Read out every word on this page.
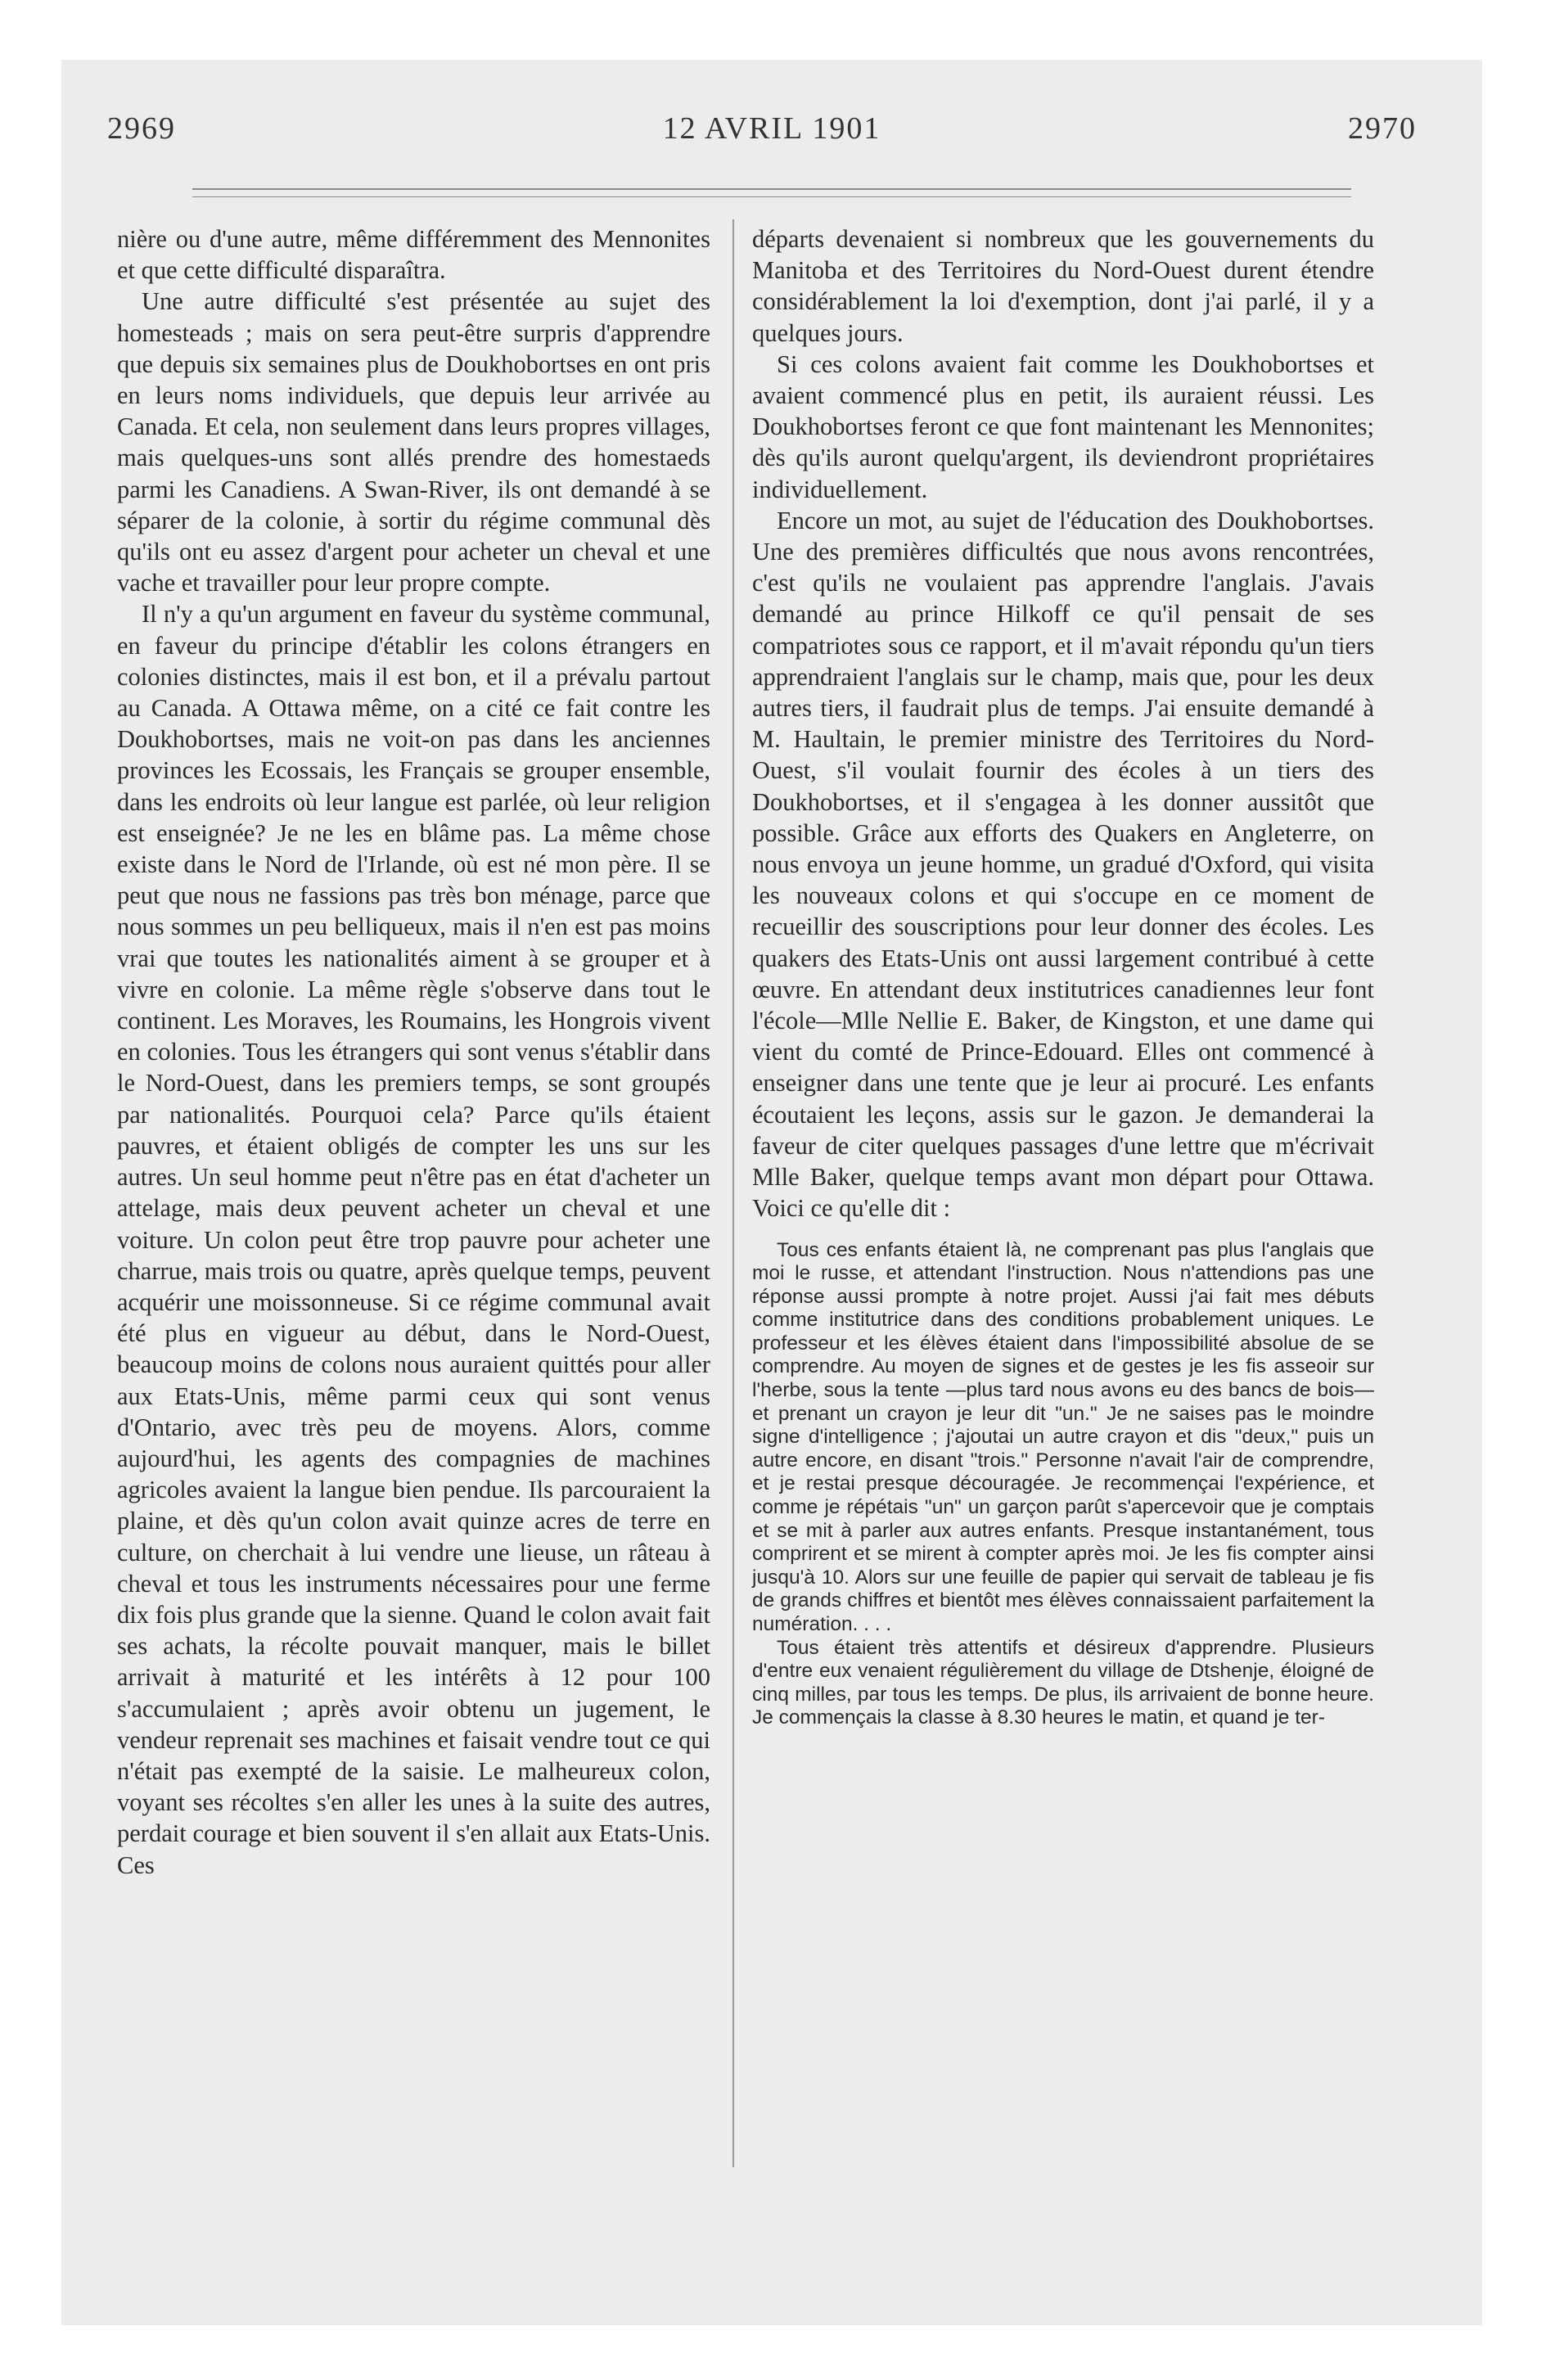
2969	12 AVRIL 1901	2970

nière ou d'une autre, même différemment des Mennonites et que cette difficulté disparaîtra.

Une autre difficulté s'est présentée au sujet des homesteads ; mais on sera peut-être surpris d'apprendre que depuis six semaines plus de Doukhobortses en ont pris en leurs noms individuels, que depuis leur arrivée au Canada. Et cela, non seulement dans leurs propres villages, mais quelques-uns sont allés prendre des homestaeds parmi les Canadiens. A Swan-River, ils ont demandé à se séparer de la colonie, à sortir du régime communal dès qu'ils ont eu assez d'argent pour acheter un cheval et une vache et travailler pour leur propre compte.

Il n'y a qu'un argument en faveur du système communal, en faveur du principe d'établir les colons étrangers en colonies distinctes, mais il est bon, et il a prévalu partout au Canada. A Ottawa même, on a cité ce fait contre les Doukhobortses, mais ne voit-on pas dans les anciennes provinces les Ecossais, les Français se grouper ensemble, dans les endroits où leur langue est parlée, où leur religion est enseignée? Je ne les en blâme pas. La même chose existe dans le Nord de l'Irlande, où est né mon père. Il se peut que nous ne fassions pas très bon ménage, parce que nous sommes un peu belliqueux, mais il n'en est pas moins vrai que toutes les nationalités aiment à se grouper et à vivre en colonie. La même règle s'observe dans tout le continent. Les Moraves, les Roumains, les Hongrois vivent en colonies. Tous les étrangers qui sont venus s'établir dans le Nord-Ouest, dans les premiers temps, se sont groupés par nationalités. Pourquoi cela? Parce qu'ils étaient pauvres, et étaient obligés de compter les uns sur les autres. Un seul homme peut n'être pas en état d'acheter un attelage, mais deux peuvent acheter un cheval et une voiture. Un colon peut être trop pauvre pour acheter une charrue, mais trois ou quatre, après quelque temps, peuvent acquérir une moissonneuse. Si ce régime communal avait été plus en vigueur au début, dans le Nord-Ouest, beaucoup moins de colons nous auraient quittés pour aller aux Etats-Unis, même parmi ceux qui sont venus d'Ontario, avec très peu de moyens. Alors, comme aujourd'hui, les agents des compagnies de machines agricoles avaient la langue bien pendue. Ils parcouraient la plaine, et dès qu'un colon avait quinze acres de terre en culture, on cherchait à lui vendre une lieuse, un râteau à cheval et tous les instruments nécessaires pour une ferme dix fois plus grande que la sienne. Quand le colon avait fait ses achats, la récolte pouvait manquer, mais le billet arrivait à maturité et les intérêts à 12 pour 100 s'accumulaient ; après avoir obtenu un jugement, le vendeur reprenait ses machines et faisait vendre tout ce qui n'était pas exempté de la saisie. Le malheureux colon, voyant ses récoltes s'en aller les unes à la suite des autres, perdait courage et bien souvent il s'en allait aux Etats-Unis. Ces

départs devenaient si nombreux que les gouvernements du Manitoba et des Territoires du Nord-Ouest durent étendre considérablement la loi d'exemption, dont j'ai parlé, il y a quelques jours.

Si ces colons avaient fait comme les Doukhobortses et avaient commencé plus en petit, ils auraient réussi. Les Doukhobortses feront ce que font maintenant les Mennonites; dès qu'ils auront quelqu'argent, ils deviendront propriétaires individuellement.

Encore un mot, au sujet de l'éducation des Doukhobortses. Une des premières difficultés que nous avons rencontrées, c'est qu'ils ne voulaient pas apprendre l'anglais. J'avais demandé au prince Hilkoff ce qu'il pensait de ses compatriotes sous ce rapport, et il m'avait répondu qu'un tiers apprendraient l'anglais sur le champ, mais que, pour les deux autres tiers, il faudrait plus de temps. J'ai ensuite demandé à M. Haultain, le premier ministre des Territoires du Nord-Ouest, s'il voulait fournir des écoles à un tiers des Doukhobortses, et il s'engagea à les donner aussitôt que possible. Grâce aux efforts des Quakers en Angleterre, on nous envoya un jeune homme, un gradué d'Oxford, qui visita les nouveaux colons et qui s'occupe en ce moment de recueillir des souscriptions pour leur donner des écoles. Les quakers des Etats-Unis ont aussi largement contribué à cette œuvre. En attendant deux institutrices canadiennes leur font l'école—Mlle Nellie E. Baker, de Kingston, et une dame qui vient du comté de Prince-Edouard. Elles ont commencé à enseigner dans une tente que je leur ai procuré. Les enfants écoutaient les leçons, assis sur le gazon. Je demanderai la faveur de citer quelques passages d'une lettre que m'écrivait Mlle Baker, quelque temps avant mon départ pour Ottawa. Voici ce qu'elle dit :

Tous ces enfants étaient là, ne comprenant pas plus l'anglais que moi le russe, et attendant l'instruction. Nous n'attendions pas une réponse aussi prompte à notre projet. Aussi j'ai fait mes débuts comme institutrice dans des conditions probablement uniques. Le professeur et les élèves étaient dans l'impossibilité absolue de se comprendre. Au moyen de signes et de gestes je les fis asseoir sur l'herbe, sous la tente —plus tard nous avons eu des bancs de bois— et prenant un crayon je leur dit "un." Je ne saises pas le moindre signe d'intelligence ; j'ajoutai un autre crayon et dis "deux," puis un autre encore, en disant "trois." Personne n'avait l'air de comprendre, et je restai presque découragée. Je recommençai l'expérience, et comme je répétais "un" un garçon parût s'apercevoir que je comptais et se mit à parler aux autres enfants. Presque instantanément, tous comprirent et se mirent à compter après moi. Je les fis compter ainsi jusqu'à 10. Alors sur une feuille de papier qui servait de tableau je fis de grands chiffres et bientôt mes élèves connaissaient parfaitement la numération. . . .

Tous étaient très attentifs et désireux d'apprendre. Plusieurs d'entre eux venaient régulièrement du village de Dtshenje, éloigné de cinq milles, par tous les temps. De plus, ils arrivaient de bonne heure. Je commençais la classe à 8.30 heures le matin, et quand je ter-
